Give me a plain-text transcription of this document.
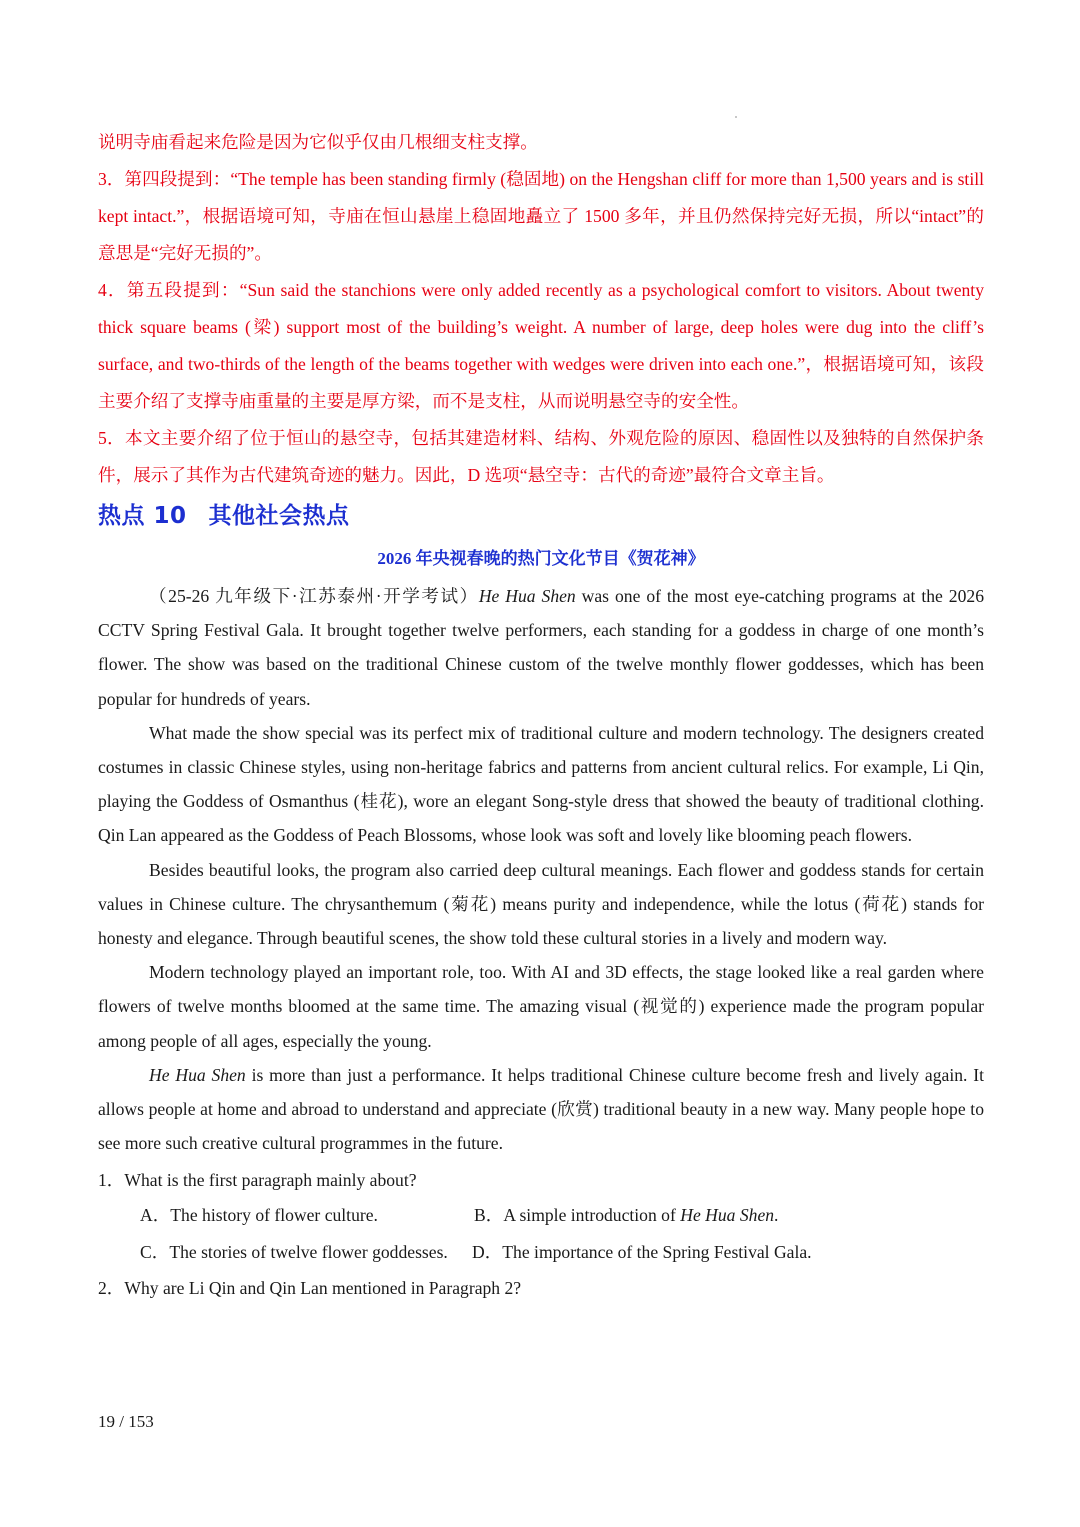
说明寺庙看起来危险是因为它似乎仅由几根细支柱支撑。

3．第四段提到：“The temple has been standing firmly (稳固地) on the Hengshan cliff for more than 1,500 years and is still kept intact.”，根据语境可知，寺庙在恒山悬崖上稳固地矗立了 1500 多年，并且仍然保持完好无损，所以“intact”的意思是“完好无损的”。

4．第五段提到：“Sun said the stanchions were only added recently as a psychological comfort to visitors. About twenty thick square beams (梁) support most of the building’s weight. A number of large, deep holes were dug into the cliff’s surface, and two-thirds of the length of the beams together with wedges were driven into each one.”，根据语境可知，该段主要介绍了支撑寺庙重量的主要是厚方梁，而不是支柱，从而说明悬空寺的安全性。

5．本文主要介绍了位于恒山的悬空寺，包括其建造材料、结构、外观危险的原因、稳固性以及独特的自然保护条件，展示了其作为古代建筑奇迹的魅力。因此，D 选项“悬空寺：古代的奇迹”最符合文章主旨。

热点 10 其他社会热点
2026 年央视春晚的热门文化节目《贺花神》

（25-26 九年级下·江苏泰州·开学考试）He Hua Shen was one of the most eye-catching programs at the 2026 CCTV Spring Festival Gala. It brought together twelve performers, each standing for a goddess in charge of one month’s flower. The show was based on the traditional Chinese custom of the twelve monthly flower goddesses, which has been popular for hundreds of years.

What made the show special was its perfect mix of traditional culture and modern technology. The designers created costumes in classic Chinese styles, using non-heritage fabrics and patterns from ancient cultural relics. For example, Li Qin, playing the Goddess of Osmanthus (桂花), wore an elegant Song-style dress that showed the beauty of traditional clothing. Qin Lan appeared as the Goddess of Peach Blossoms, whose look was soft and lovely like blooming peach flowers.

Besides beautiful looks, the program also carried deep cultural meanings. Each flower and goddess stands for certain values in Chinese culture. The chrysanthemum (菊花) means purity and independence, while the lotus (荷花) stands for honesty and elegance. Through beautiful scenes, the show told these cultural stories in a lively and modern way.

Modern technology played an important role, too. With AI and 3D effects, the stage looked like a real garden where flowers of twelve months bloomed at the same time. The amazing visual (视觉的) experience made the program popular among people of all ages, especially the young.

He Hua Shen is more than just a performance. It helps traditional Chinese culture become fresh and lively again. It allows people at home and abroad to understand and appreciate (欣赏) traditional beauty in a new way. Many people hope to see more such creative cultural programmes in the future.

1．What is the first paragraph mainly about?

A．The history of flower culture.	B．A simple introduction of He Hua Shen.
C．The stories of twelve flower goddesses. D．The importance of the Spring Festival Gala.

2．Why are Li Qin and Qin Lan mentioned in Paragraph 2?

19 / 153
